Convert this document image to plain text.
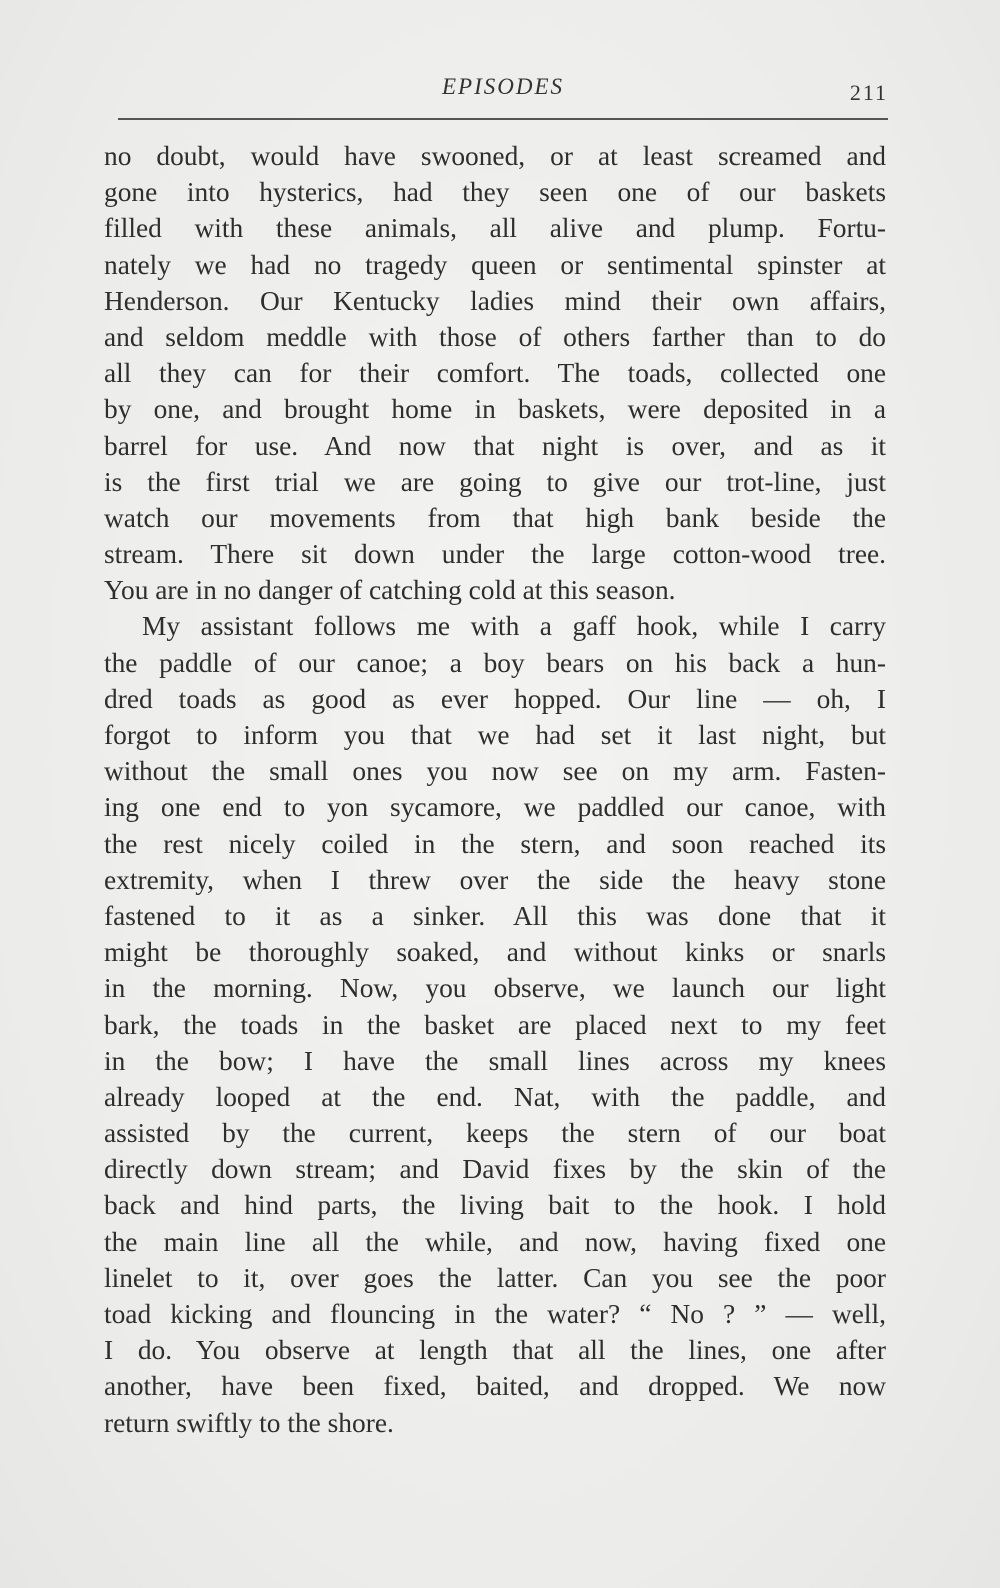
EPISODES	211
no doubt, would have swooned, or at least screamed and
gone into hysterics, had they seen one of our baskets
filled with these animals, all alive and plump. Fortu-
nately we had no tragedy queen or sentimental spinster at
Henderson. Our Kentucky ladies mind their own affairs,
and seldom meddle with those of others farther than to do
all they can for their comfort. The toads, collected one
by one, and brought home in baskets, were deposited in a
barrel for use. And now that night is over, and as it
is the first trial we are going to give our trot-line, just
watch our movements from that high bank beside the
stream. There sit down under the large cotton-wood tree.
You are in no danger of catching cold at this season.
My assistant follows me with a gaff hook, while I carry
the paddle of our canoe; a boy bears on his back a hun-
dred toads as good as ever hopped. Our line — oh, I
forgot to inform you that we had set it last night, but
without the small ones you now see on my arm. Fasten-
ing one end to yon sycamore, we paddled our canoe, with
the rest nicely coiled in the stern, and soon reached its
extremity, when I threw over the side the heavy stone
fastened to it as a sinker. All this was done that it
might be thoroughly soaked, and without kinks or snarls
in the morning. Now, you observe, we launch our light
bark, the toads in the basket are placed next to my feet
in the bow; I have the small lines across my knees
already looped at the end. Nat, with the paddle, and
assisted by the current, keeps the stern of our boat
directly down stream; and David fixes by the skin of the
back and hind parts, the living bait to the hook. I hold
the main line all the while, and now, having fixed one
linelet to it, over goes the latter. Can you see the poor
toad kicking and flouncing in the water? “ No ? ” — well,
I do. You observe at length that all the lines, one after
another, have been fixed, baited, and dropped. We now
return swiftly to the shore.
